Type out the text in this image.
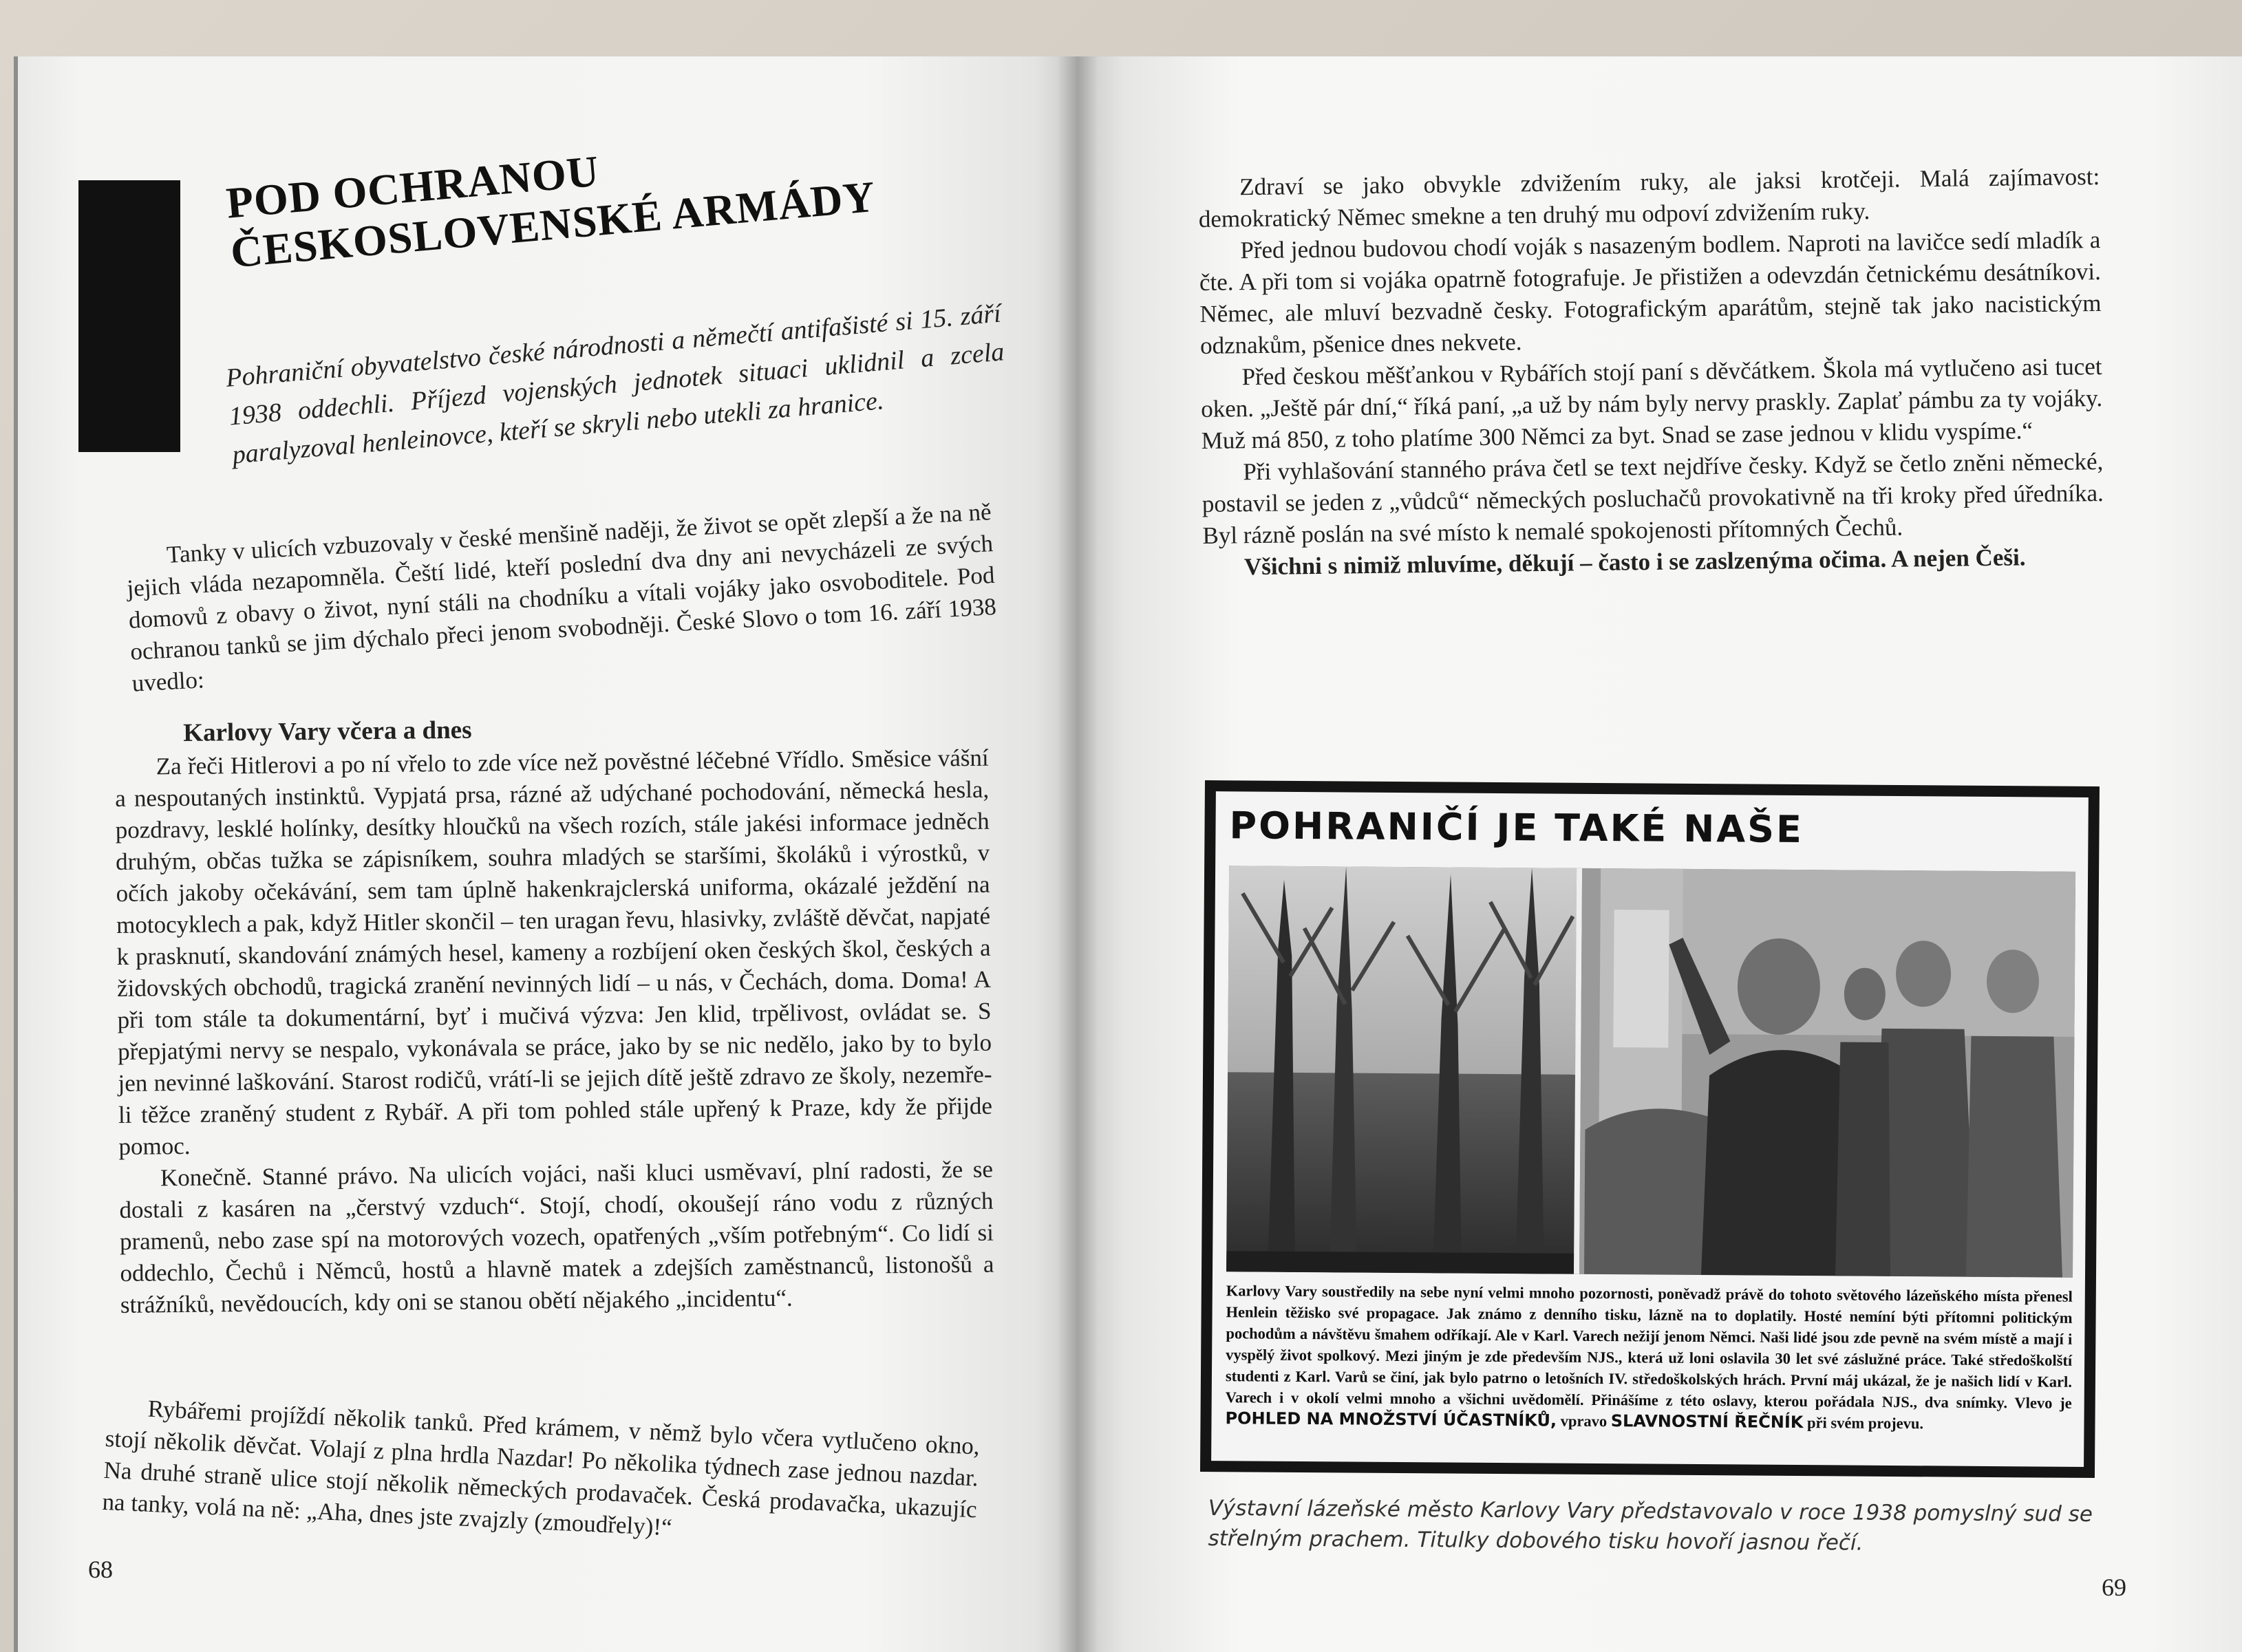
POD OCHRANOU ČESKOSLOVENSKÉ ARMÁDY
Pohraniční obyvatelstvo české národnosti a němečtí antifašisté si 15. září 1938 oddechli. Příjezd vojenských jednotek situaci uklidnil a zcela paralyzoval henleinovce, kteří se skryli nebo utekli za hranice.

Tanky v ulicích vzbuzovaly v české menšině naději, že život se opět zlepší a že na ně jejich vláda nezapomněla. Čeští lidé, kteří poslední dva dny ani nevycházeli ze svých domovů z obavy o život, nyní stáli na chodníku a vítali vojáky jako osvoboditele. Pod ochranou tanků se jim dýchalo přeci jenom svobodněji. České Slovo o tom 16. září 1938 uvedlo:

Karlovy Vary včera a dnes

Za řeči Hitlerovi a po ní vřelo to zde více než pověstné léčebné Vřídlo. Směsice vášní a nespoutaných instinktů. Vypjatá prsa, rázné až udýchané pochodování, německá hesla, pozdravy, lesklé holínky, desítky hloučků na všech rozích, stále jakési informace jedněch druhým, občas tužka se zápisníkem, souhra mladých se staršími, školáků i výrostků, v očích jakoby očekávání, sem tam úplně hakenkrajclerská uniforma, okázalé ježdění na motocyklech a pak, když Hitler skončil – ten uragan řevu, hlasivky, zvláště děvčat, napjaté k prasknutí, skandování známých hesel, kameny a rozbíjení oken českých škol, českých a židovských obchodů, tragická zranění nevinných lidí – u nás, v Čechách, doma. Doma! A při tom stále ta dokumentární, byť i mučivá výzva: Jen klid, trpělivost, ovládat se. S přepjatými nervy se nespalo, vykonávala se práce, jako by se nic nedělo, jako by to bylo jen nevinné laškování. Starost rodičů, vrátí-li se jejich dítě ještě zdravo ze školy, nezemře-li těžce zraněný student z Rybář. A při tom pohled stále upřený k Praze, kdy že přijde pomoc.

Konečně. Stanné právo. Na ulicích vojáci, naši kluci usměvaví, plní radosti, že se dostali z kasáren na „čerstvý vzduch“. Stojí, chodí, okoušejí ráno vodu z různých pramenů, nebo zase spí na motorových vozech, opatřených „vším potřebným“. Co lidí si oddechlo, Čechů i Němců, hostů a hlavně matek a zdejších zaměstnanců, listonošů a strážníků, nevědoucích, kdy oni se stanou obětí nějakého „incidentu“.

Rybářemi projíždí několik tanků. Před krámem, v němž bylo včera vytlučeno okno, stojí několik děvčat. Volají z plna hrdla Nazdar! Po několika týdnech zase jednou nazdar. Na druhé straně ulice stojí několik německých prodavaček. Česká prodavačka, ukazujíc na tanky, volá na ně: „Aha, dnes jste zvajzly (zmoudřely)!“

68

Zdraví se jako obvykle zdvižením ruky, ale jaksi krotčeji. Malá zajímavost: demokratický Němec smekne a ten druhý mu odpoví zdvižením ruky.

Před jednou budovou chodí voják s nasazeným bodlem. Naproti na lavičce sedí mladík a čte. A při tom si vojáka opatrně fotografuje. Je přistižen a odevzdán četnickému desátníkovi. Němec, ale mluví bezvadně česky. Fotografickým aparátům, stejně tak jako nacistickým odznakům, pšenice dnes nekvete.

Před českou měšťankou v Rybářích stojí paní s děvčátkem. Škola má vytlučeno asi tucet oken. „Ještě pár dní,“ říká paní, „a už by nám byly nervy praskly. Zaplať pámbu za ty vojáky. Muž má 850, z toho platíme 300 Němci za byt. Snad se zase jednou v klidu vyspíme.“

Při vyhlašování stanného práva četl se text nejdříve česky. Když se četlo zněni německé, postavil se jeden z „vůdců“ německých posluchačů provokativně na tři kroky před úředníka. Byl rázně poslán na své místo k nemalé spokojenosti přítomných Čechů.

Všichni s nimiž mluvíme, děkují – často i se zaslzenýma očima. A nejen Češi.

POHRANIČÍ JE TAKÉ NAŠE
Karlovy Vary soustředily na sebe nyní velmi mnoho pozornosti, poněvadž právě do tohoto světového lázeňského místa přenesl Henlein těžisko své propagace. Jak známo z denního tisku, lázně na to doplatily. Hosté nemíní býti přítomni politickým pochodům a návštěvu šmahem odříkají. Ale v Karl. Varech nežijí jenom Němci. Naši lidé jsou zde pevně na svém místě a mají i vyspělý život spolkový. Mezi jiným je zde především NJS., která už loni oslavila 30 let své záslužné práce. Také středoškolští studenti z Karl. Varů se činí, jak bylo patrno o letošních IV. středoškolských hrách. První máj ukázal, že je našich lidí v Karl. Varech i v okolí velmi mnoho a všichni uvědomělí. Přinášíme z této oslavy, kterou pořádala NJS., dva snímky. Vlevo je POHLED NA MNOŽSTVÍ ÚČASTNÍKŮ, vpravo SLAVNOSTNÍ ŘEČNÍK při svém projevu.
Výstavní lázeňské město Karlovy Vary představovalo v roce 1938 pomyslný sud se střelným prachem. Titulky dobového tisku hovoří jasnou řečí.
69
